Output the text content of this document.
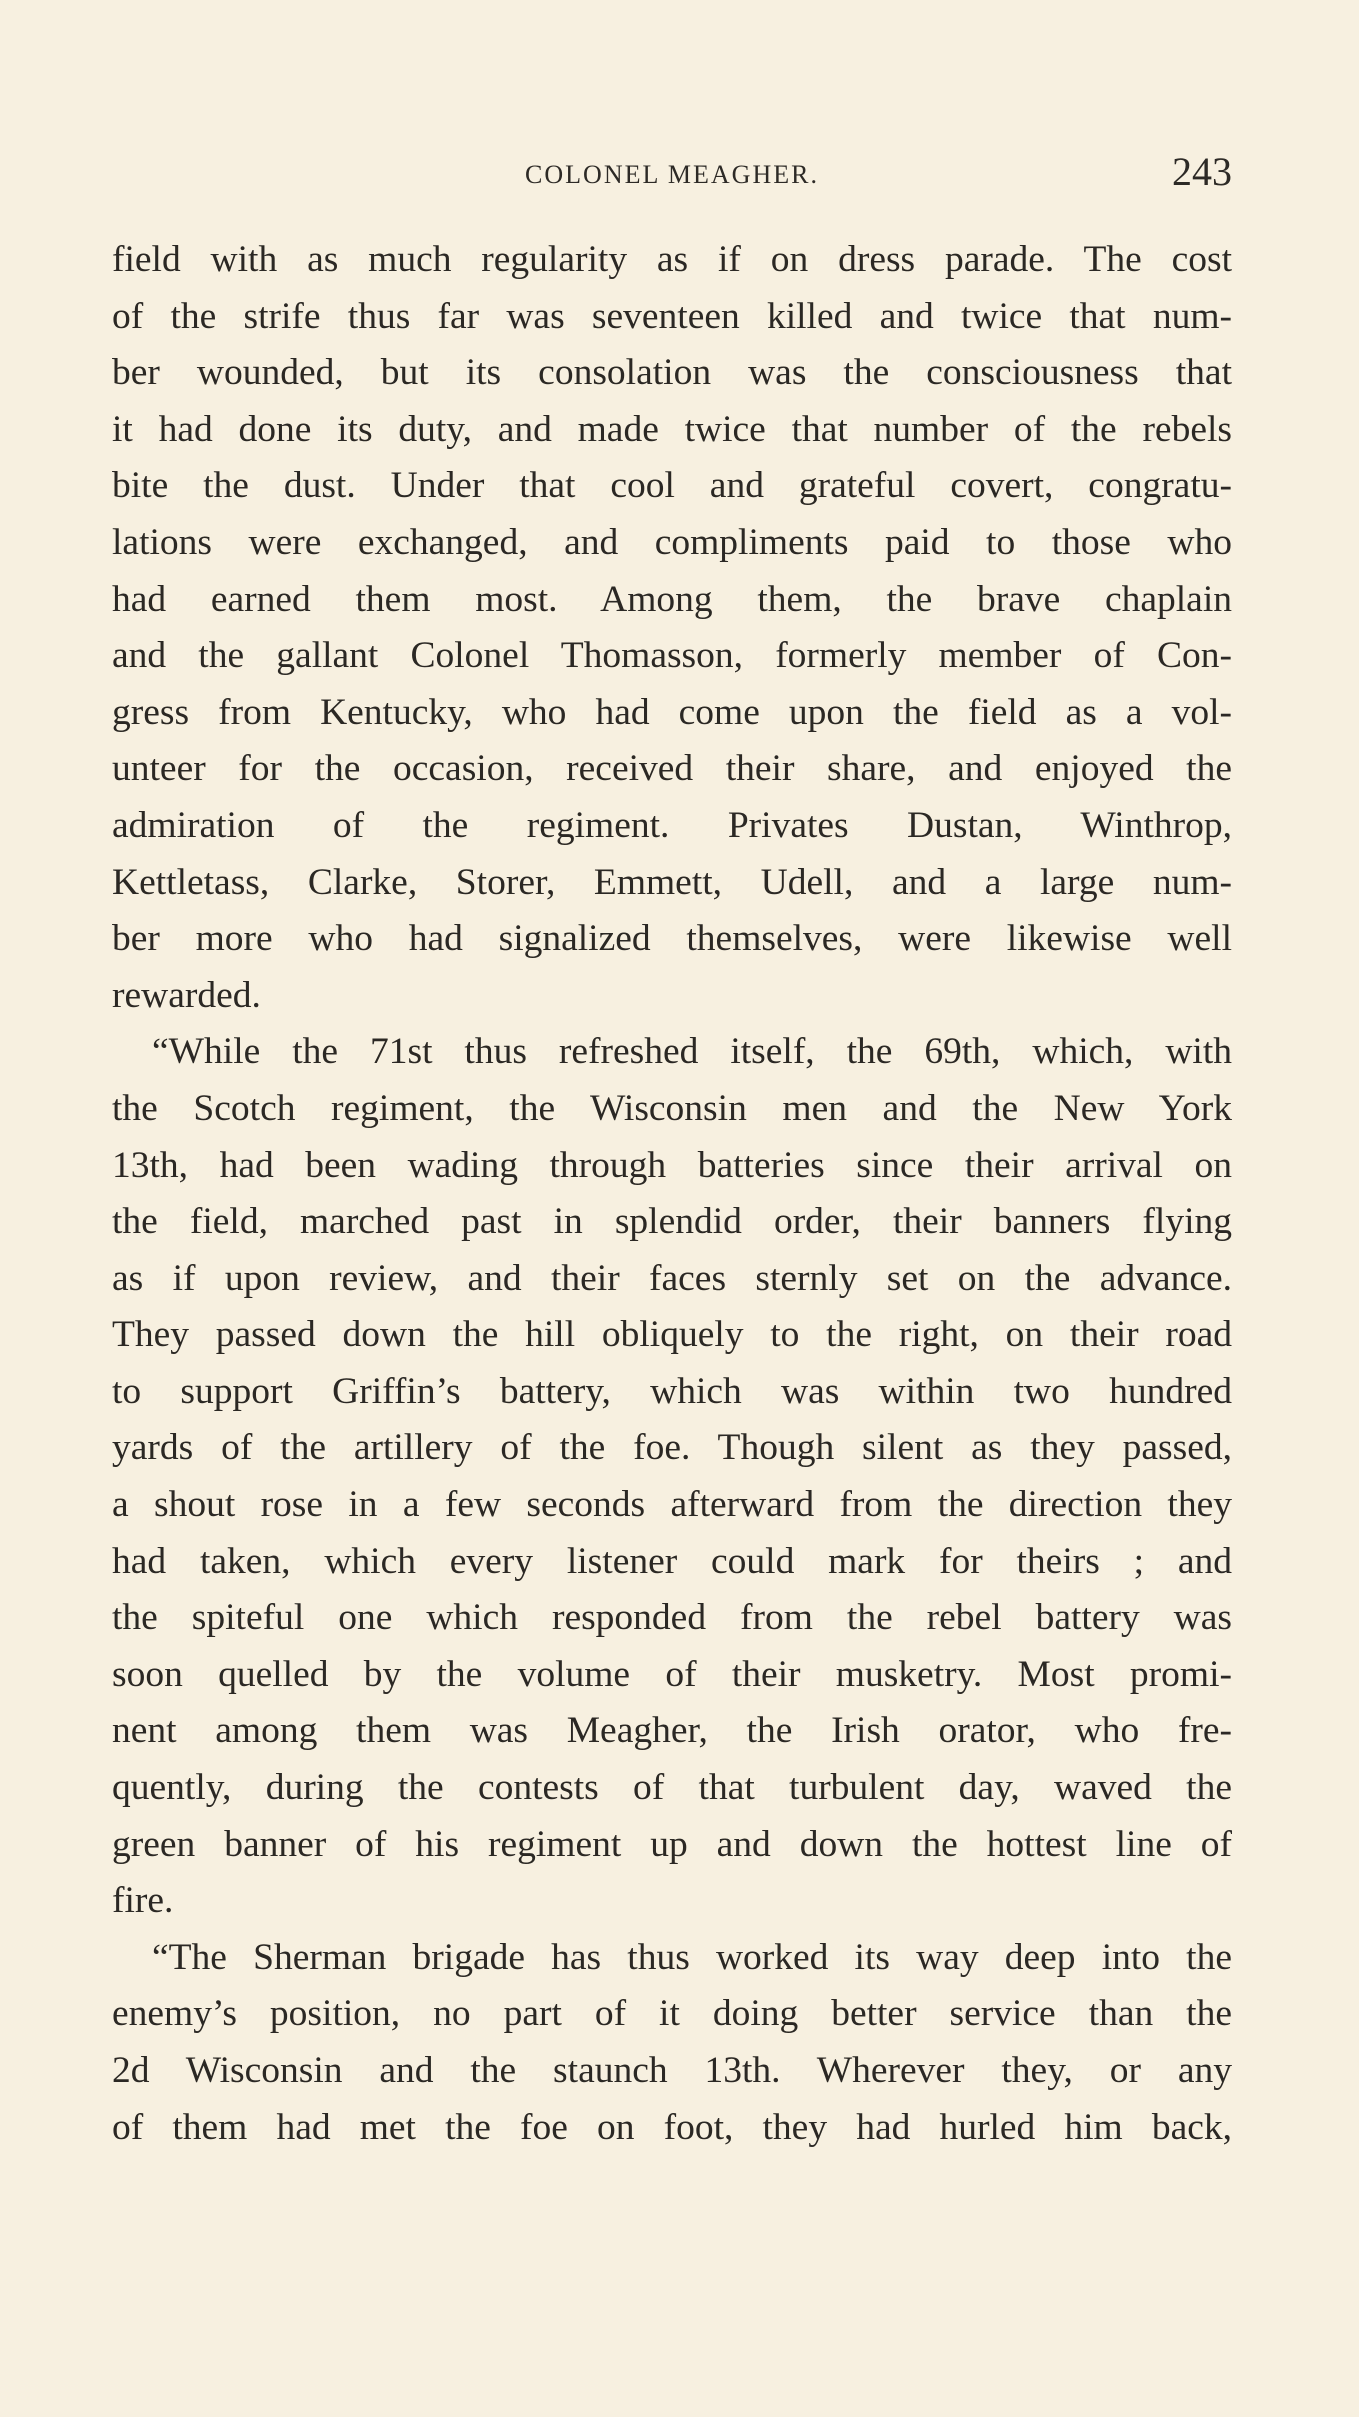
COLONEL MEAGHER.	243
field with as much regularity as if on dress parade. The cost
of the strife thus far was seventeen killed and twice that num-
ber wounded, but its consolation was the consciousness that
it had done its duty, and made twice that number of the rebels
bite the dust. Under that cool and grateful covert, congratu-
lations were exchanged, and compliments paid to those who
had earned them most. Among them, the brave chaplain
and the gallant Colonel Thomasson, formerly member of Con-
gress from Kentucky, who had come upon the field as a vol-
unteer for the occasion, received their share, and enjoyed the
admiration of the regiment. Privates Dustan, Winthrop,
Kettletass, Clarke, Storer, Emmett, Udell, and a large num-
ber more who had signalized themselves, were likewise well
rewarded.
“While the 71st thus refreshed itself, the 69th, which, with
the Scotch regiment, the Wisconsin men and the New York
13th, had been wading through batteries since their arrival on
the field, marched past in splendid order, their banners flying
as if upon review, and their faces sternly set on the advance.
They passed down the hill obliquely to the right, on their road
to support Griffin’s battery, which was within two hundred
yards of the artillery of the foe. Though silent as they passed,
a shout rose in a few seconds afterward from the direction they
had taken, which every listener could mark for theirs ; and
the spiteful one which responded from the rebel battery was
soon quelled by the volume of their musketry. Most promi-
nent among them was Meagher, the Irish orator, who fre-
quently, during the contests of that turbulent day, waved the
green banner of his regiment up and down the hottest line of
fire.
“The Sherman brigade has thus worked its way deep into the
enemy’s position, no part of it doing better service than the
2d Wisconsin and the staunch 13th. Wherever they, or any
of them had met the foe on foot, they had hurled him back,
